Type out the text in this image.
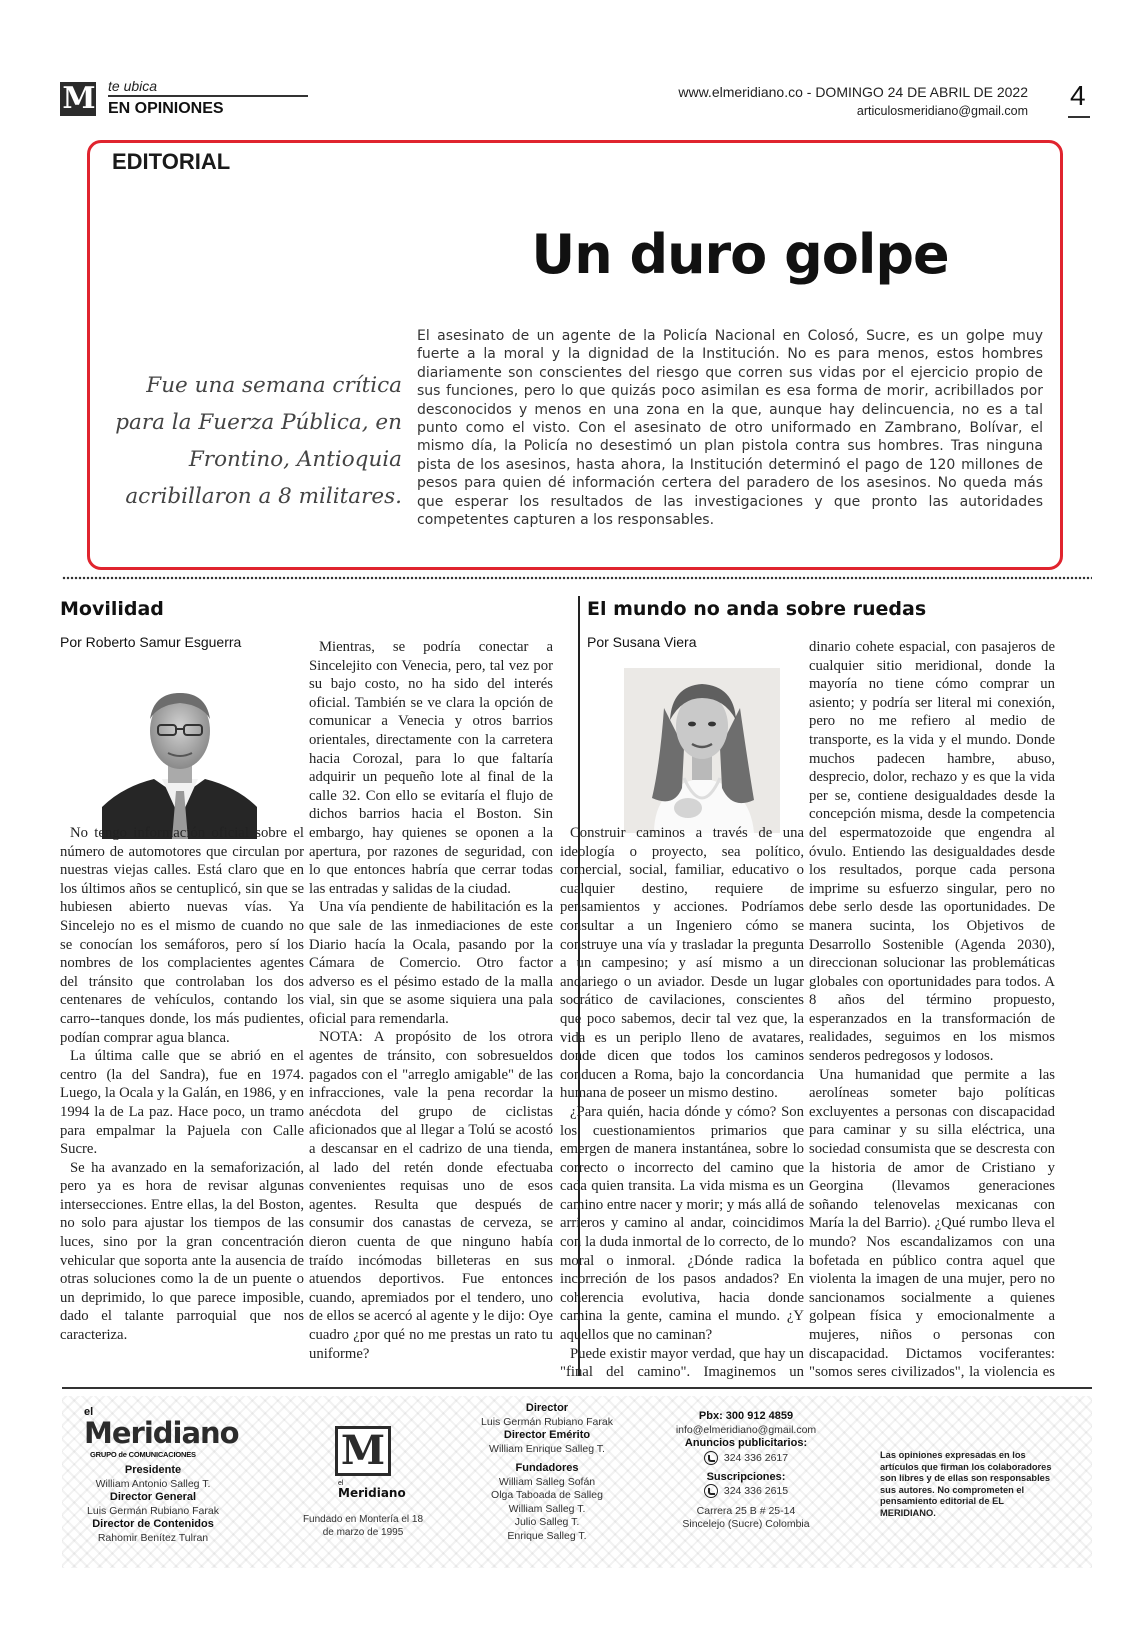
M te ubica
EN OPINIONES
www.elmeridiano.co - DOMINGO 24 DE ABRIL DE 2022
articulosmeridiano@gmail.com 4
EDITORIAL
Un duro golpe
Fue una semana crítica para la Fuerza Pública, en Frontino, Antioquia acribillaron a 8 militares.
El asesinato de un agente de la Policía Nacional en Colosó, Sucre, es un golpe muy fuerte a la moral y la dignidad de la Institución. No es para menos, estos hombres diariamente son conscientes del riesgo que corren sus vidas por el ejercicio propio de sus funciones, pero lo que quizás poco asimilan es esa forma de morir, acribillados por desconocidos y menos en una zona en la que, aunque hay delincuencia, no es a tal punto como el visto. Con el asesinato de otro uniformado en Zambrano, Bolívar, el mismo día, la Policía no desestimó un plan pistola contra sus hombres. Tras ninguna pista de los asesinos, hasta ahora, la Institución determinó el pago de 120 millones de pesos para quien dé información certera del paradero de los asesinos. No queda más que esperar los resultados de las investigaciones y que pronto las autoridades competentes capturen a los responsables.
Movilidad
Por Roberto Samur Esguerra

No tengo información oficial sobre el número de automotores que circulan por nuestras viejas calles. Está claro que en los últimos años se centuplicó, sin que se hubiesen abierto nuevas vías. Ya Sincelejo no es el mismo de cuando no se conocían los semáforos, pero sí los nombres de los complacientes agentes del tránsito que controlaban los dos centenares de vehículos, contando los carro--tanques donde, los más pudientes, podían comprar agua blanca.

La última calle que se abrió en el centro (la del Sandra), fue en 1974. Luego, la Ocala y la Galán, en 1986, y en 1994 la de La paz. Hace poco, un tramo para empalmar la Pajuela con Calle Sucre.

Se ha avanzado en la semaforización, pero ya es hora de revisar algunas intersecciones. Entre ellas, la del Boston, no solo para ajustar los tiempos de las luces, sino por la gran concentración vehicular que soporta ante la ausencia de otras soluciones como la de un puente o un deprimido, lo que parece imposible, dado el talante parroquial que nos caracteriza.

Mientras, se podría conectar a Sincelejito con Venecia, pero, tal vez por su bajo costo, no ha sido del interés oficial. También se ve clara la opción de comunicar a Venecia y otros barrios orientales, directamente con la carretera hacia Corozal, para lo que faltaría adquirir un pequeño lote al final de la calle 32. Con ello se evitaría el flujo de dichos barrios hacia el Boston. Sin embargo, hay quienes se oponen a la apertura, por razones de seguridad, con lo que entonces habría que cerrar todas las entradas y salidas de la ciudad.

Una vía pendiente de habilitación es la que sale de las inmediaciones de este Diario hacía la Ocala, pasando por la Cámara de Comercio. Otro factor adverso es el pésimo estado de la malla vial, sin que se asome siquiera una pala oficial para remendarla.

NOTA: A propósito de los otrora agentes de tránsito, con sobresueldos pagados con el "arreglo amigable" de las infracciones, vale la pena recordar la anécdota del grupo de ciclistas aficionados que al llegar a Tolú se acostó a descansar en el cadrizo de una tienda, al lado del retén donde efectuaba convenientes requisas uno de esos agentes. Resulta que después de consumir dos canastas de cerveza, se dieron cuenta de que ninguno había traído incómodas billeteras en sus atuendos deportivos. Fue entonces cuando, apremiados por el tendero, uno de ellos se acercó al agente y le dijo: Oye cuadro ¿por qué no me prestas un rato tu uniforme?

El mundo no anda sobre ruedas
Por Susana Viera

Construir caminos a través de una ideología o proyecto, sea político, comercial, social, familiar, educativo o cualquier destino, requiere de pensamientos y acciones. Podríamos consultar a un Ingeniero cómo se construye una vía y trasladar la pregunta a un campesino; y así mismo a un andariego o un aviador. Desde un lugar socrático de cavilaciones, conscientes que poco sabemos, decir tal vez que, la vida es un periplo lleno de avatares, donde dicen que todos los caminos conducen a Roma, bajo la concordancia humana de poseer un mismo destino.

¿Para quién, hacia dónde y cómo? Son los cuestionamientos primarios que emergen de manera instantánea, sobre lo correcto o incorrecto del camino que cada quien transita. La vida misma es un camino entre nacer y morir; y más allá de arrieros y camino al andar, coincidimos con la duda inmortal de lo correcto, de lo moral o inmoral. ¿Dónde radica la incorreción de los pasos andados? En coherencia evolutiva, hacia donde camina la gente, camina el mundo. ¿Y aquellos que no caminan?

Puede existir mayor verdad, que hay un "final del camino". Imaginemos un

dinario cohete espacial, con pasajeros de cualquier sitio meridional, donde la mayoría no tiene cómo comprar un asiento; y podría ser literal mi conexión, pero no me refiero al medio de transporte, es la vida y el mundo. Donde muchos padecen hambre, abuso, desprecio, dolor, rechazo y es que la vida per se, contiene desigualdades desde la concepción misma, desde la competencia del espermatozoide que engendra al óvulo. Entiendo las desigualdades desde los resultados, porque cada persona imprime su esfuerzo singular, pero no debe serlo desde las oportunidades. De manera sucinta, los Objetivos de Desarrollo Sostenible (Agenda 2030), direccionan solucionar las problemáticas globales con oportunidades para todos. A 8 años del término propuesto, esperanzados en la transformación de realidades, seguimos en los mismos senderos pedregosos y lodosos.

Una humanidad que permite a las aerolíneas someter bajo políticas excluyentes a personas con discapacidad para caminar y su silla eléctrica, una sociedad consumista que se descresta con la historia de amor de Cristiano y Georgina (llevamos generaciones soñando telenovelas mexicanas con María la del Barrio). ¿Qué rumbo lleva el mundo? Nos escandalizamos con una bofetada en público contra aquel que violenta la imagen de una mujer, pero no sancionamos socialmente a quienes golpean física y emocionalmente a mujeres, niños o personas con discapacidad. Dictamos vociferantes: "somos seres civilizados", la violencia es

el
Meridiano
GRUPO de COMUNICACIONES
Presidente
William Antonio Salleg T.
Director General
Luis Germán Rubiano Farak
Director de Contenidos
Rahomir Benítez Tulran
M
el
Meridiano
Fundado en Montería el 18 de marzo de 1995
Director
Luis Germán Rubiano Farak
Director Emérito
William Enrique Salleg T.

Fundadores
William Salleg Sofán
Olga Taboada de Salleg
William Salleg T.
Julio Salleg T.
Enrique Salleg T.
Pbx: 300 912 4859
info@elmeridiano@gmail.com
Anuncios publicitarios:
324 336 2617

Suscripciones:
324 336 2615

Carrera 25 B # 25-14
Sincelejo (Sucre) Colombia
Las opiniones expresadas en los artículos que firman los colaboradores son libres y de ellas son responsables sus autores. No comprometen el pensamiento editorial de EL MERIDIANO.
